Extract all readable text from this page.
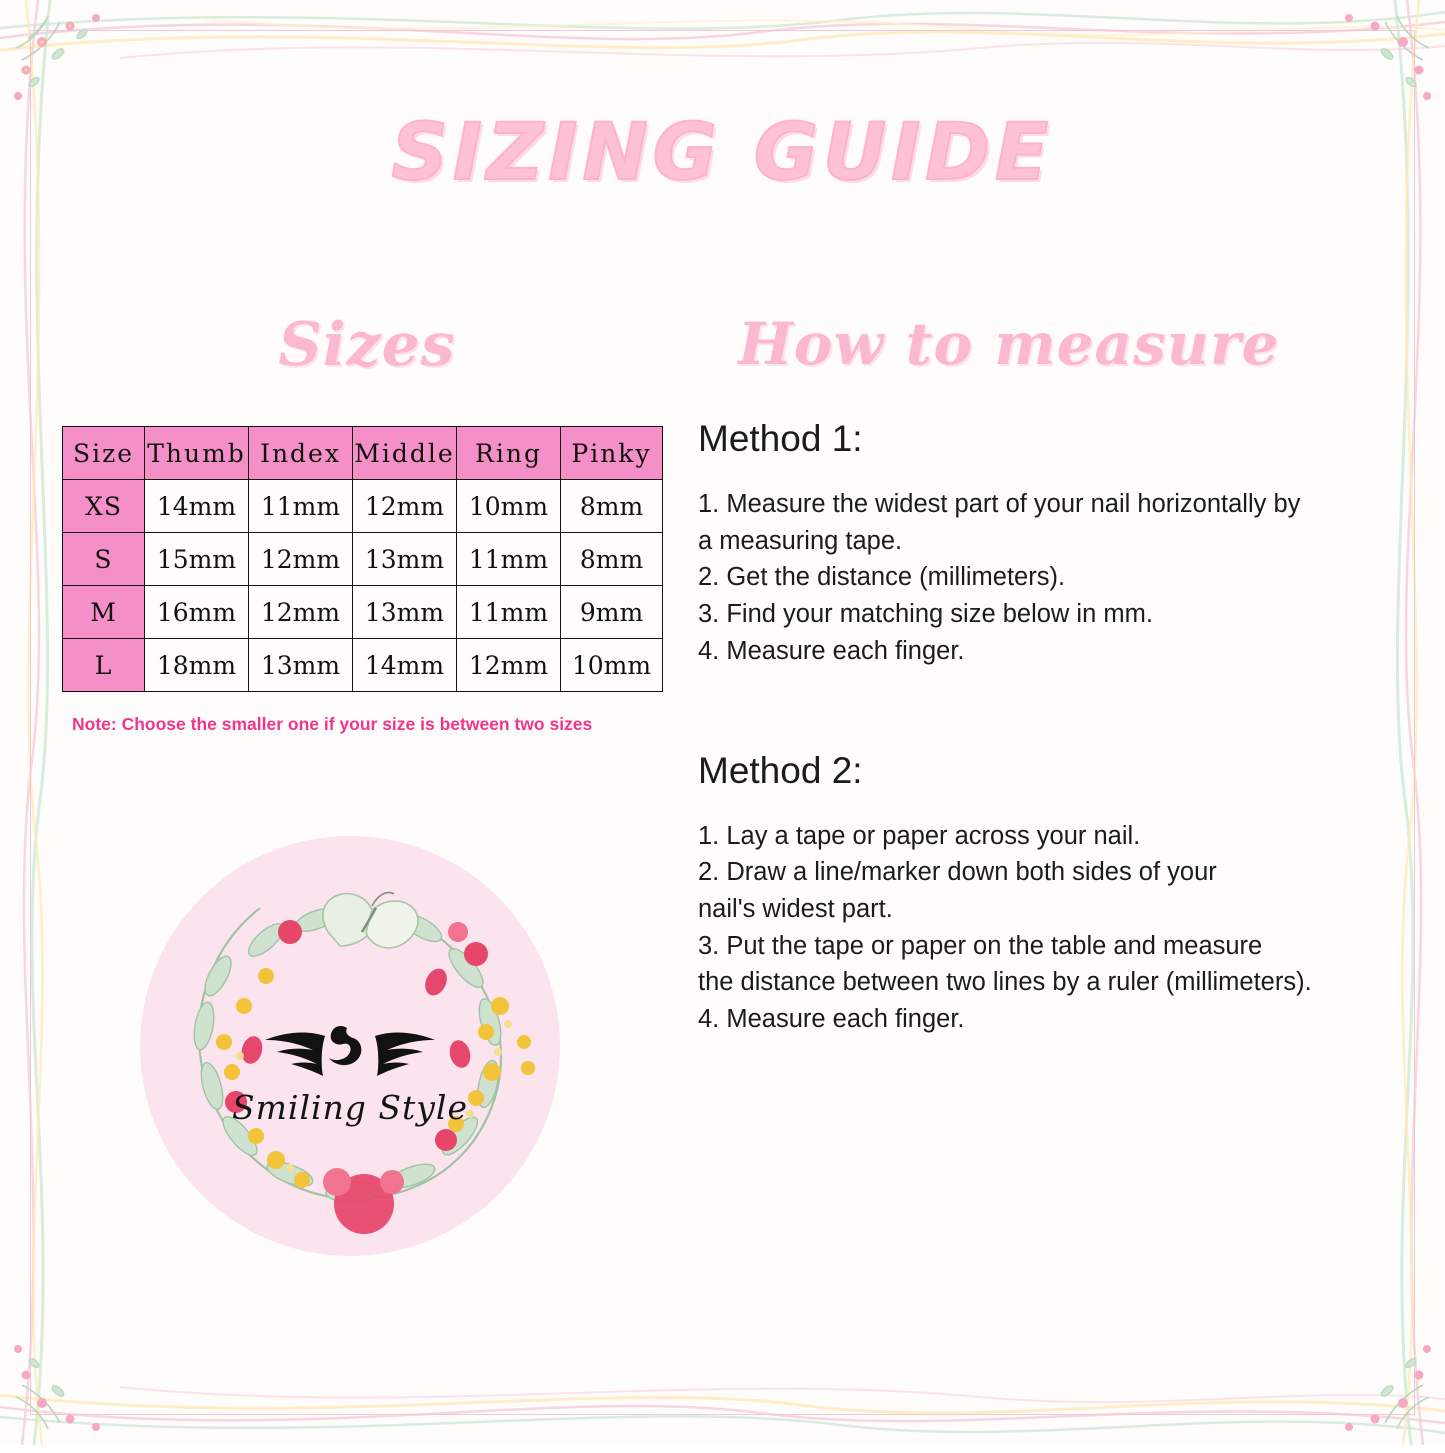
SIZING GUIDE
Sizes
Size	Thumb	Index	Middle	Ring	Pinky
XS	14mm	11mm	12mm	10mm	8mm
S	15mm	12mm	13mm	11mm	8mm
M	16mm	12mm	13mm	11mm	9mm
L	18mm	13mm	14mm	12mm	10mm
Note: Choose the smaller one if your size is between two sizes
Smiling Style
How to measure
Method 1:
1. Measure the widest part of your nail horizontally by
a measuring tape.
2. Get the distance (millimeters).
3. Find your matching size below in mm.
4. Measure each finger.
Method 2:
1. Lay a tape or paper across your nail.
2. Draw a line/marker down both sides of your
nail's widest part.
3. Put the tape or paper on the table and measure
the distance between two lines by a ruler (millimeters).
4. Measure each finger.
